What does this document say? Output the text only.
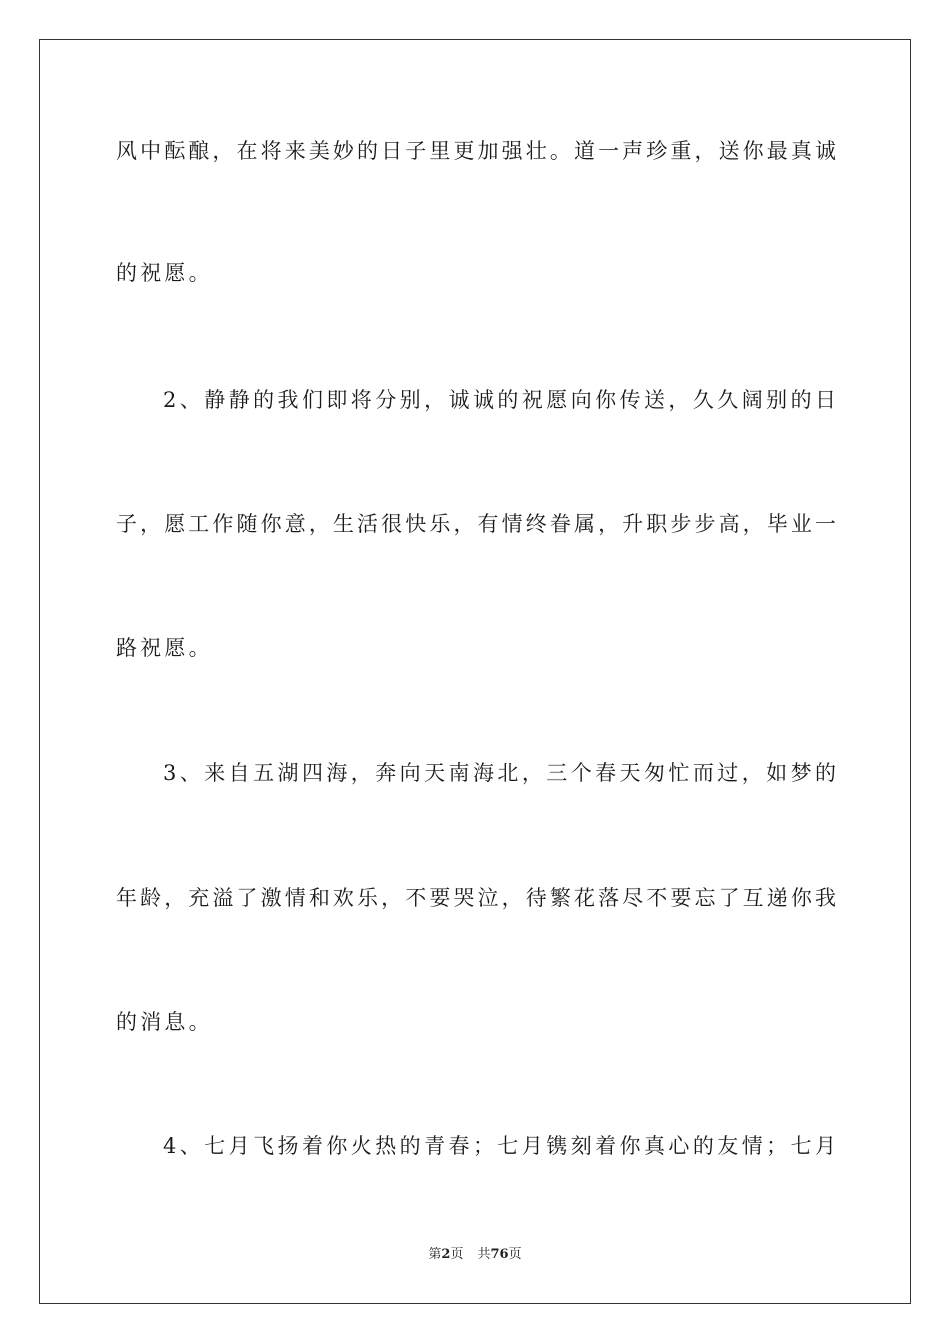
风中酝酿，在将来美妙的日子里更加强壮。道一声珍重，送你最真诚
的祝愿。
2、静静的我们即将分别，诚诚的祝愿向你传送，久久阔别的日
子，愿工作随你意，生活很快乐，有情终眷属，升职步步高，毕业一
路祝愿。
3、来自五湖四海，奔向天南海北，三个春天匆忙而过，如梦的
年龄，充溢了激情和欢乐，不要哭泣，待繁花落尽不要忘了互递你我
的消息。
4、七月飞扬着你火热的青春；七月镌刻着你真心的友情；七月
第2页 共76页
